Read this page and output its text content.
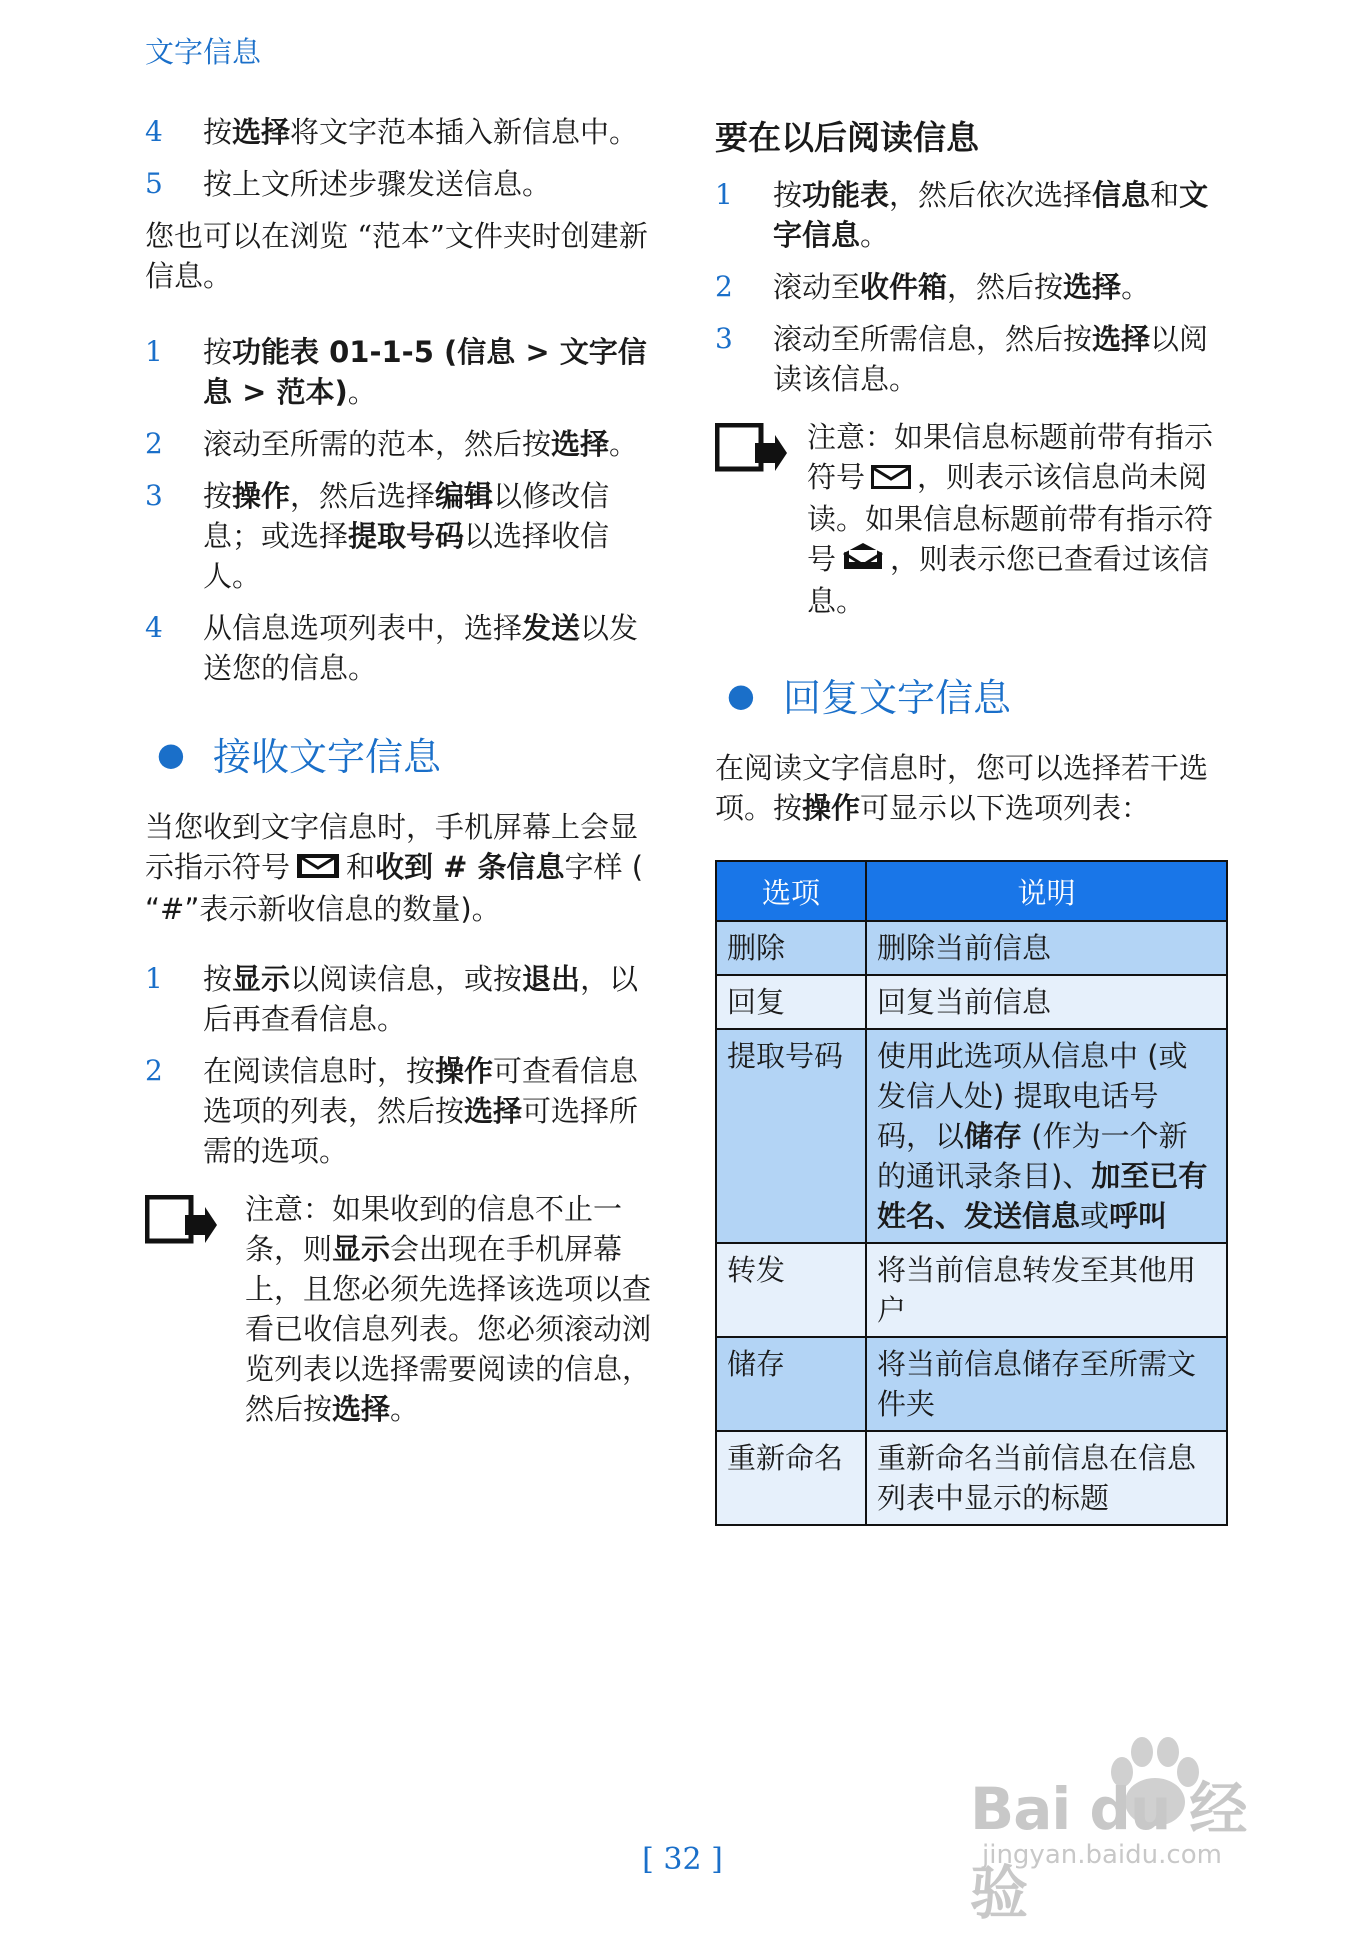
文字信息
4	按选择将文字范本插入新信息中。
5	按上文所述步骤发送信息。

您也可以在浏览 “范本”文件夹时创建新信息。

1	按功能表 01-1-5 (信息 > 文字信息 > 范本)。
2	滚动至所需的范本，然后按选择。
3	按操作，然后选择编辑以修改信息；或选择提取号码以选择收信人。
4	从信息选项列表中，选择发送以发送您的信息。
● 接收文字信息

当您收到文字信息时，手机屏幕上会显示指示符号 和收到 # 条信息字样 ( “#”表示新收信息的数量)。

1	按显示以阅读信息，或按退出，以后再查看信息。
2	在阅读信息时，按操作可查看信息选项的列表，然后按选择可选择所需的选项。
注意：如果收到的信息不止一条，则显示会出现在手机屏幕上，且您必须先选择该选项以查看已收信息列表。您必须滚动浏览列表以选择需要阅读的信息，然后按选择。
要在以后阅读信息
1	按功能表，然后依次选择信息和文字信息。
2	滚动至收件箱，然后按选择。
3	滚动至所需信息，然后按选择以阅读该信息。
注意：如果信息标题前带有指示符号 ，则表示该信息尚未阅读。如果信息标题前带有指示符号 ，则表示您已查看过该信息。
● 回复文字信息

在阅读文字信息时，您可以选择若干选项。按操作可显示以下选项列表：

选项	说明
删除	删除当前信息
回复	回复当前信息
提取号码	使用此选项从信息中 (或发信人处) 提取电话号码，以储存 (作为一个新的通讯录条目)、加至已有姓名、发送信息或呼叫
转发	将当前信息转发至其他用户
储存	将当前信息储存至所需文件夹
重新命名	重新命名当前信息在信息列表中显示的标题
[ 32 ]
Bai du 经验
jingyan.baidu.com
